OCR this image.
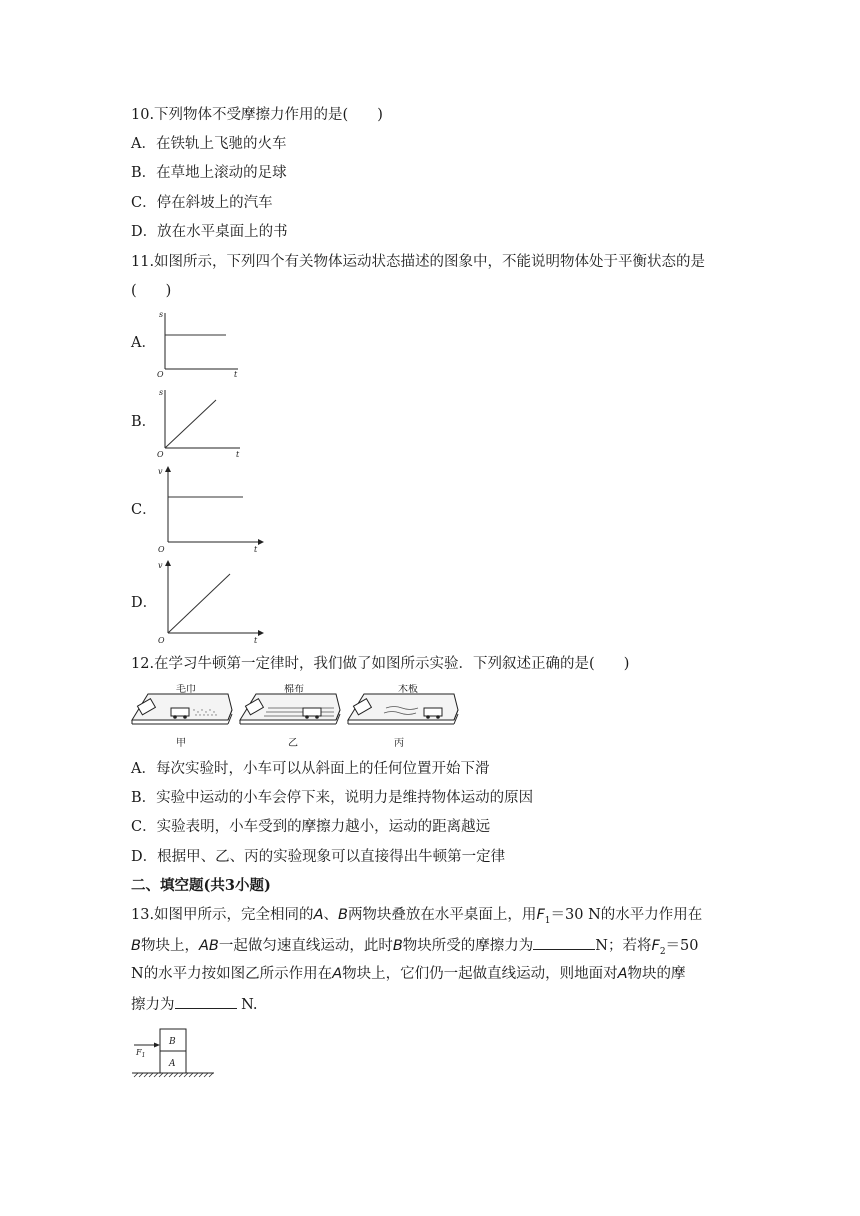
10.下列物体不受摩擦力作用的是(　　)
A．在铁轨上飞驰的火车
B．在草地上滚动的足球
C．停在斜坡上的汽车
D．放在水平桌面上的书
11.如图所示，下列四个有关物体运动状态描述的图象中，不能说明物体处于平衡状态的是
(　　)
A．
s
t
O
B．
s
t
O
C．
v
t
O
D．
v
t
O
12.在学习牛顿第一定律时，我们做了如图所示实验．下列叙述正确的是(　　)
毛巾
甲
棉布
乙
木板
丙
A．每次实验时，小车可以从斜面上的任何位置开始下滑
B．实验中运动的小车会停下来，说明力是维持物体运动的原因
C．实验表明，小车受到的摩擦力越小，运动的距离越远
D．根据甲、乙、丙的实验现象可以直接得出牛顿第一定律
二、填空题(共3小题)
13.如图甲所示，完全相同的A、B两物块叠放在水平桌面上，用$F_1=30$ N的水平力作用在
B物块上，AB一起做匀速直线运动，此时B物块所受的摩擦力为	N；若将$F_2=50$
N的水平力按如图乙所示作用在A物块上，它们仍一起做直线运动，则地面对A物块的摩
擦力为	N.
B
A
$F_1$
